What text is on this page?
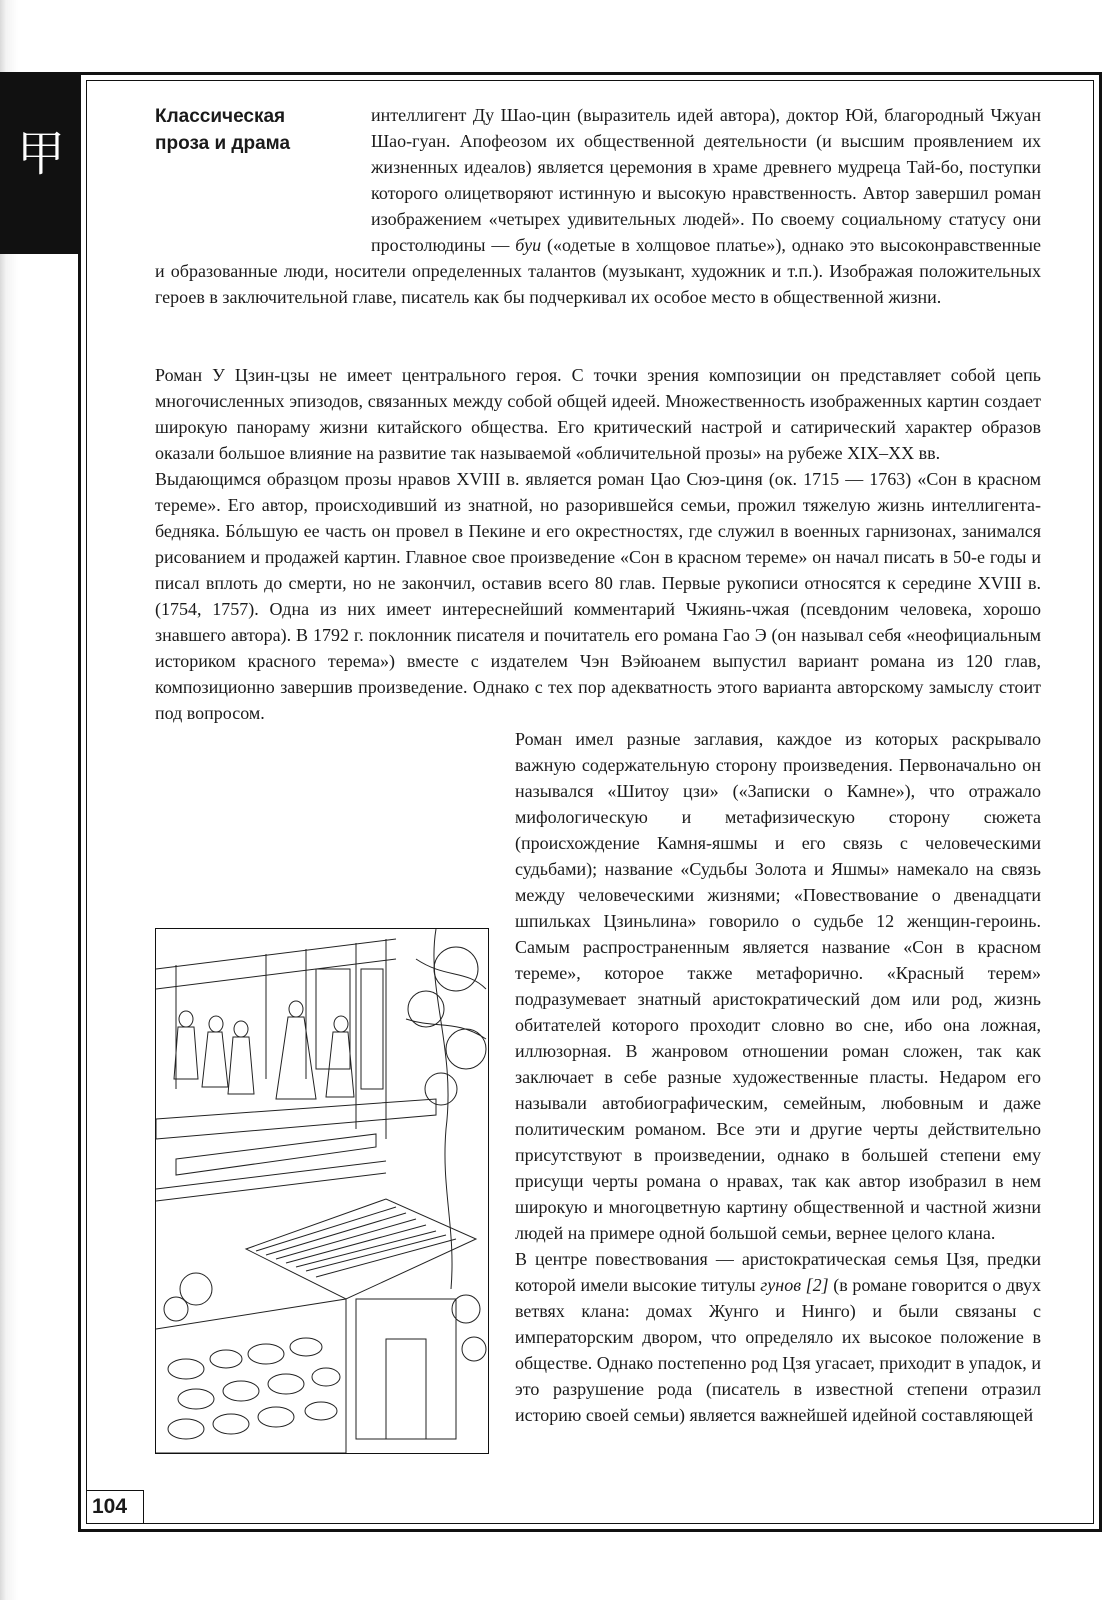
甲
Классическая
проза и драма

интеллигент Ду Шао-цин (выразитель идей автора), доктор Юй, благородный Чжуан Шао-гуан. Апофеозом их общественной деятельности (и высшим проявлением их жизненных идеалов) является церемония в храме древнего мудреца Тай-бо, поступки которого олицетворяют истинную и высокую нравственность. Автор завершил роман изображением «четырех удивительных людей». По своему социальному статусу они простолюдины — буи («одетые в холщовое платье»), однако это высоконравственные и образованные люди, носители определенных талантов (музыкант, художник и т.п.). Изображая положительных героев в заключительной главе, писатель как бы подчеркивал их особое место в общественной жизни.

Роман У Цзин-цзы не имеет центрального героя. С точки зрения композиции он представляет собой цепь многочисленных эпизодов, связанных между собой общей идеей. Множественность изображенных картин создает широкую панораму жизни китайского общества. Его критический настрой и сатирический характер образов оказали большое влияние на развитие так называемой «обличительной прозы» на рубеже XIX–XX вв.

Выдающимся образцом прозы нравов XVIII в. является роман Цао Сюэ-циня (ок. 1715 — 1763) «Сон в красном тереме». Его автор, происходивший из знатной, но разорившейся семьи, прожил тяжелую жизнь интеллигента-бедняка. Бóльшую ее часть он провел в Пекине и его окрестностях, где служил в военных гарнизонах, занимался рисованием и продажей картин. Главное свое произведение «Сон в красном тереме» он начал писать в 50-е годы и писал вплоть до смерти, но не закончил, оставив всего 80 глав. Первые рукописи относятся к середине XVIII в. (1754, 1757). Одна из них имеет интереснейший комментарий Чжиянь-чжая (псевдоним человека, хорошо знавшего автора). В 1792 г. поклонник писателя и почитатель его романа Гао Э (он называл себя «неофициальным историком красного терема») вместе с издателем Чэн Вэйюанем выпустил вариант романа из 120 глав, композиционно завершив произведение. Однако с тех пор адекватность этого варианта авторскому замыслу стоит под вопросом.

Роман имел разные заглавия, каждое из которых раскрывало важную содержательную сторону произведения. Первоначально он назывался «Шитоу цзи» («Записки о Камне»), что отражало мифологическую и метафизическую сторону сюжета (происхождение Камня-яшмы и его связь с человеческими судьбами); название «Судьбы Золота и Яшмы» намекало на связь между человеческими жизнями; «Повествование о двенадцати шпильках Цзиньлина» говорило о судьбе 12 женщин-героинь. Самым распространенным является название «Сон в красном тереме», которое также метафорично. «Красный терем» подразумевает знатный аристократический дом или род, жизнь обитателей которого проходит словно во сне, ибо она ложная, иллюзорная. В жанровом отношении роман сложен, так как заключает в себе разные художественные пласты. Недаром его называли автобиографическим, семейным, любовным и даже политическим романом. Все эти и другие черты действительно присутствуют в произведении, однако в большей степени ему присущи черты романа о нравах, так как автор изобразил в нем широкую и многоцветную картину общественной и частной жизни людей на примере одной большой семьи, вернее целого клана.

В центре повествования — аристократическая семья Цзя, предки которой имели высокие титулы гунов [2] (в романе говорится о двух ветвях клана: домах Жунго и Нинго) и были связаны с императорским двором, что определяло их высокое положение в обществе. Однако постепенно род Цзя угасает, приходит в упадок, и это разрушение рода (писатель в известной степени отразил историю своей семьи) является важнейшей идейной составляющей

104
